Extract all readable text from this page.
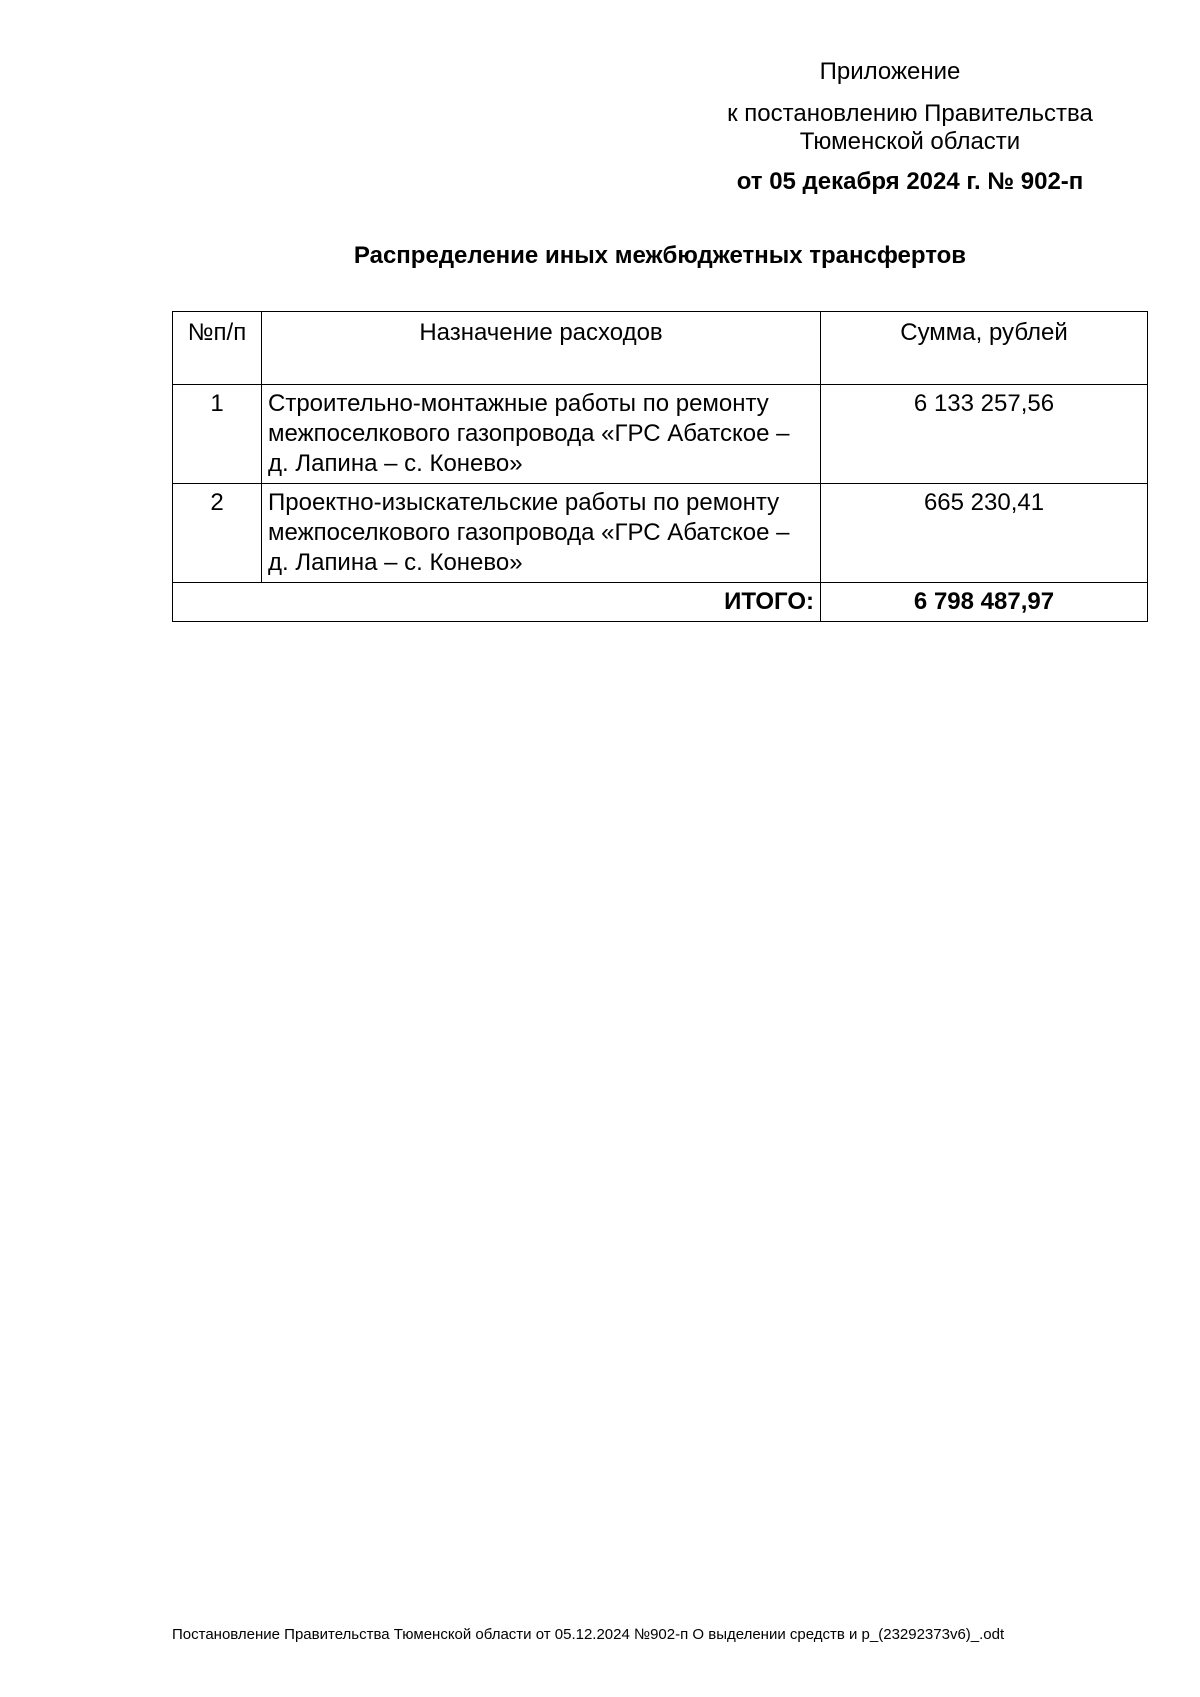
Приложение
к постановлению Правительства
Тюменской области
от 05 декабря 2024 г. № 902-п
Распределение иных межбюджетных трансфертов
№п/п	Назначение расходов	Сумма, рублей
1	Строительно-монтажные работы по ремонту межпоселкового газопровода «ГРС Абатское – д. Лапина – с. Конево»	6 133 257,56
2	Проектно-изыскательские работы по ремонту межпоселкового газопровода «ГРС Абатское – д. Лапина – с. Конево»	665 230,41
ИТОГО:		6 798 487,97
Постановление Правительства Тюменской области от 05.12.2024 №902-п О выделении средств и р_(23292373v6)_.odt
